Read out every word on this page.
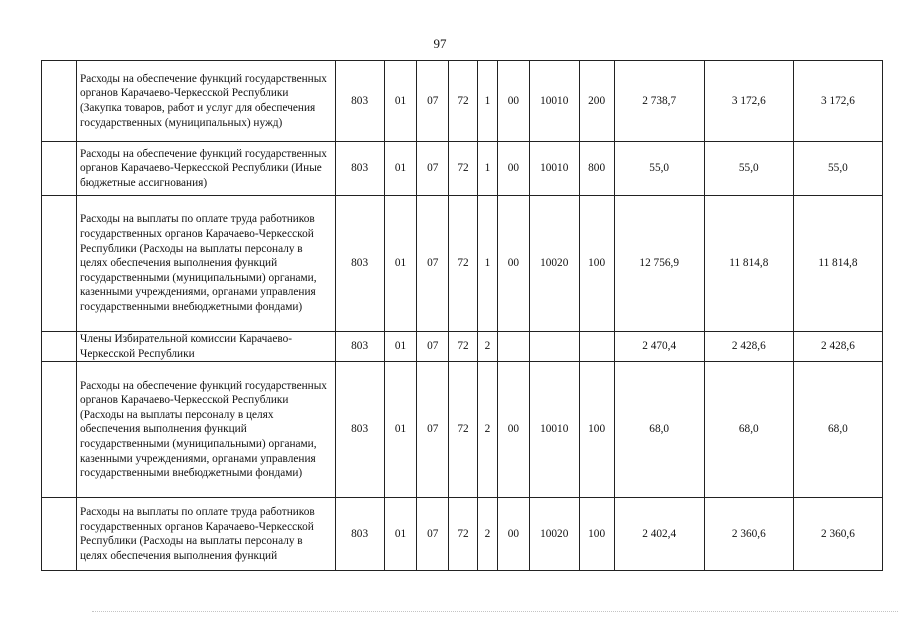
97
	Расходы на обеспечение функций государственных органов Карачаево-Черкесской Республики (Закупка товаров, работ и услуг для обеспечения государственных (муниципальных) нужд)	803	01	07	72	1	00	10010	200	2 738,7	3 172,6	3 172,6
	Расходы на обеспечение функций государственных органов Карачаево-Черкесской Республики (Иные бюджетные ассигнования)	803	01	07	72	1	00	10010	800	55,0	55,0	55,0
	Расходы на выплаты по оплате труда работников государственных органов Карачаево-Черкесской Республики (Расходы на выплаты персоналу в целях обеспечения выполнения функций государственными (муниципальными) органами, казенными учреждениями, органами управления государственными внебюджетными фондами)	803	01	07	72	1	00	10020	100	12 756,9	11 814,8	11 814,8
	Члены Избирательной комиссии Карачаево-Черкесской Республики	803	01	07	72	2				2 470,4	2 428,6	2 428,6
	Расходы на обеспечение функций государственных органов Карачаево-Черкесской Республики (Расходы на выплаты персоналу в целях обеспечения выполнения функций государственными (муниципальными) органами, казенными учреждениями, органами управления государственными внебюджетными фондами)	803	01	07	72	2	00	10010	100	68,0	68,0	68,0
	Расходы на выплаты по оплате труда работников государственных органов Карачаево-Черкесской Республики (Расходы на выплаты персоналу в целях обеспечения выполнения функций	803	01	07	72	2	00	10020	100	2 402,4	2 360,6	2 360,6
